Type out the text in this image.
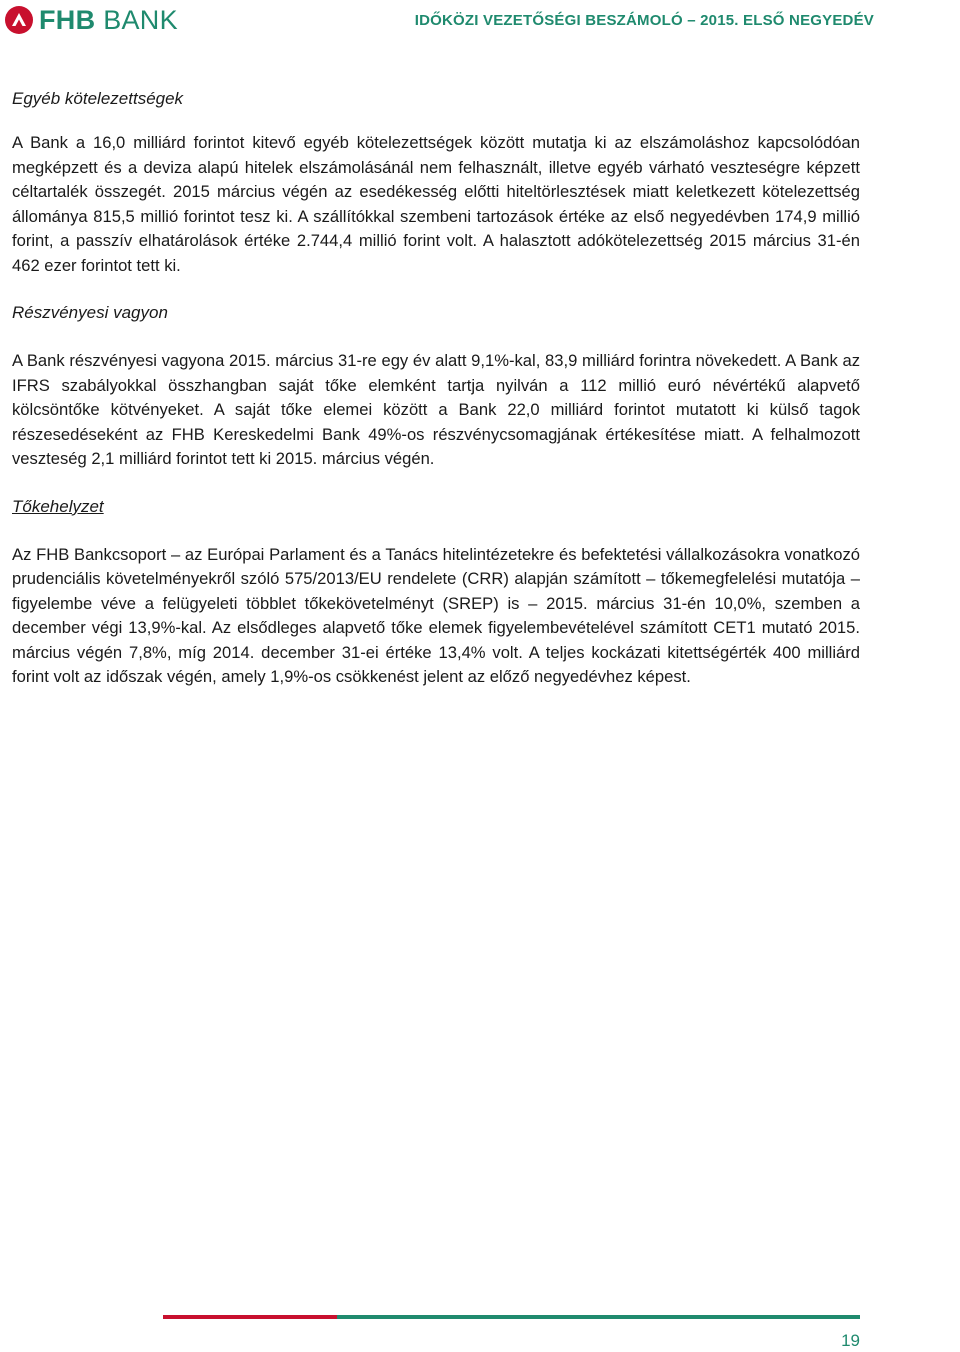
FHB BANK	IDŐKÖZI VEZETŐSÉGI BESZÁMOLÓ – 2015. ELSŐ NEGYEDÉV
Egyéb kötelezettségek

A Bank a 16,0 milliárd forintot kitevő egyéb kötelezettségek között mutatja ki az elszámoláshoz kapcsolódóan megképzett és a deviza alapú hitelek elszámolásánál nem felhasznált, illetve egyéb várható veszteségre képzett céltartalék összegét. 2015 március végén az esedékesség előtti hiteltörlesztések miatt keletkezett kötelezettség állománya 815,5 millió forintot tesz ki. A szállítókkal szembeni tartozások értéke az első negyedévben 174,9 millió forint, a passzív elhatárolások értéke 2.744,4 millió forint volt. A halasztott adókötelezettség 2015 március 31-én 462 ezer forintot tett ki.

Részvényesi vagyon

A Bank részvényesi vagyona 2015. március 31-re egy év alatt 9,1%-kal, 83,9 milliárd forintra növekedett. A Bank az IFRS szabályokkal összhangban saját tőke elemként tartja nyilván a 112 millió euró névértékű alapvető kölcsöntőke kötvényeket. A saját tőke elemei között a Bank 22,0 milliárd forintot mutatott ki külső tagok részesedéseként az FHB Kereskedelmi Bank 49%-os részvénycsomagjának értékesítése miatt. A felhalmozott veszteség 2,1 milliárd forintot tett ki 2015. március végén.

Tőkehelyzet

Az FHB Bankcsoport – az Európai Parlament és a Tanács hitelintézetekre és befektetési vállalkozásokra vonatkozó prudenciális követelményekről szóló 575/2013/EU rendelete (CRR) alapján számított – tőkemegfelelési mutatója – figyelembe véve a felügyeleti többlet tőkekövetelményt (SREP) is – 2015. március 31-én 10,0%, szemben a december végi 13,9%-kal. Az elsődleges alapvető tőke elemek figyelembevételével számított CET1 mutató 2015. március végén 7,8%, míg 2014. december 31-ei értéke 13,4% volt. A teljes kockázati kitettségérték 400 milliárd forint volt az időszak végén, amely 1,9%-os csökkenést jelent az előző negyedévhez képest.

19
